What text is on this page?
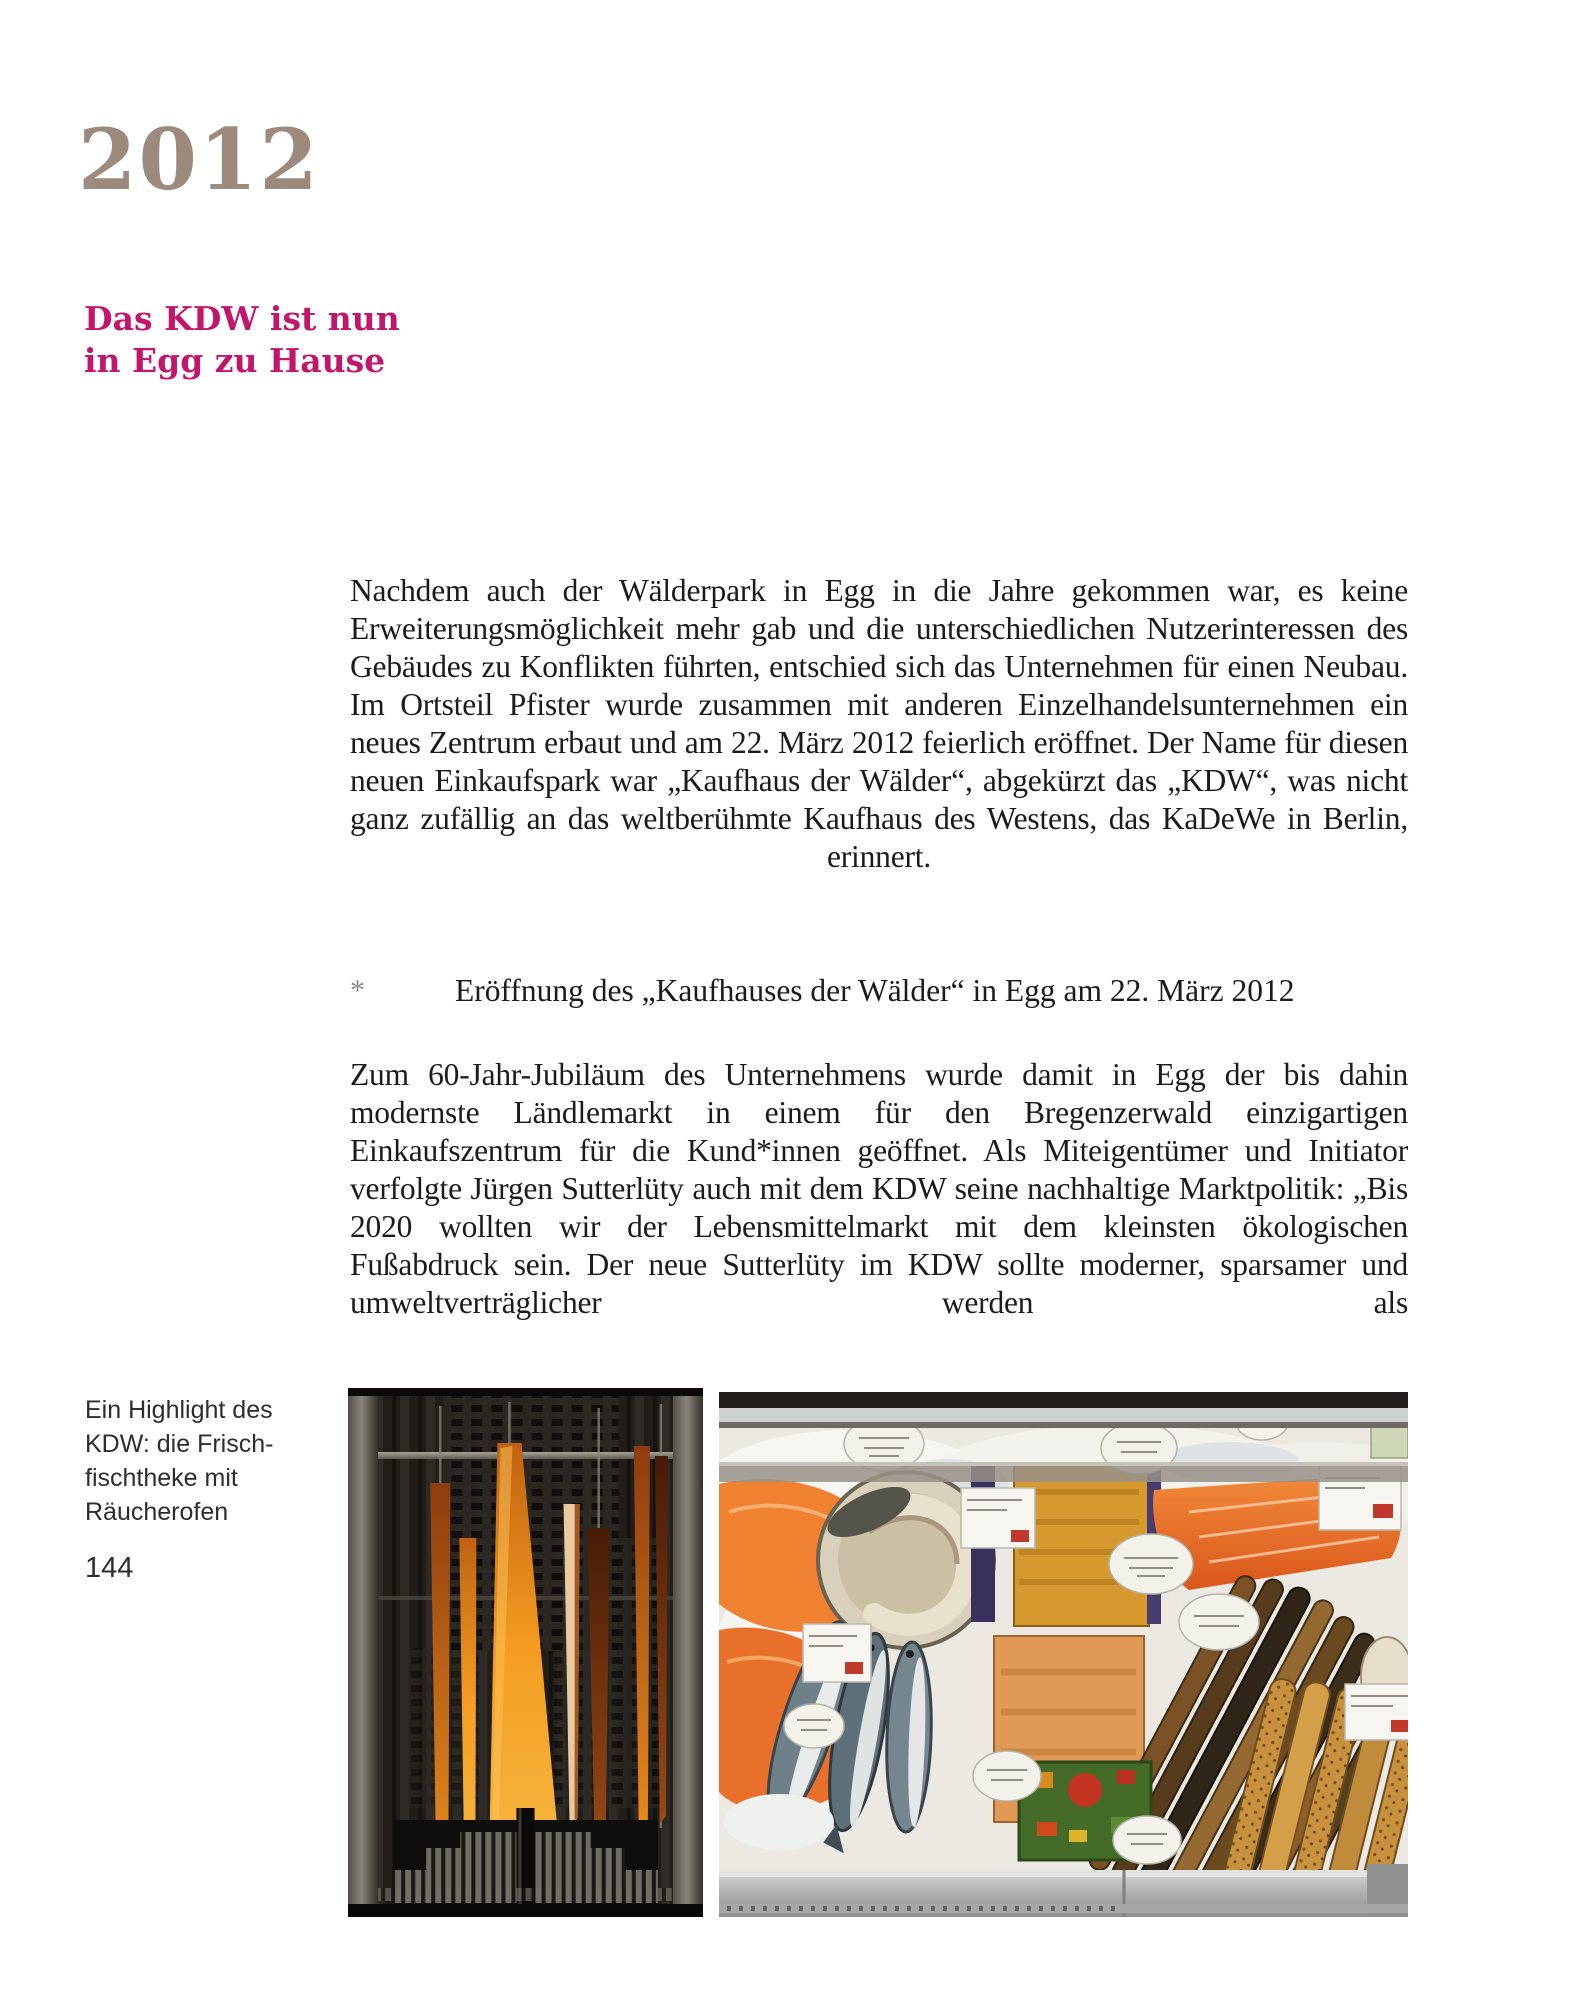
2012
Das KDW ist nun
in Egg zu Hause
Nachdem auch der Wälderpark in Egg in die Jahre gekommen war, es keine Erweiterungsmöglichkeit mehr gab und die unterschiedlichen Nutzerinteressen des Gebäudes zu Konflikten führten, entschied sich das Unternehmen für einen Neubau. Im Ortsteil Pfister wurde zusammen mit anderen Einzelhandelsunternehmen ein neues Zentrum erbaut und am 22. März 2012 feierlich eröffnet. Der Name für diesen neuen Einkaufspark war „Kaufhaus der Wälder“, abgekürzt das „KDW“, was nicht ganz zufällig an das weltberühmte Kaufhaus des Westens, das KaDeWe in Berlin, erinnert.
*	Eröffnung des „Kaufhauses der Wälder“ in Egg am 22. März 2012
Zum 60-Jahr-Jubiläum des Unternehmens wurde damit in Egg der bis dahin modernste Ländlemarkt in einem für den Bregenzerwald einzigartigen Einkaufszentrum für die Kund*innen geöffnet. Als Miteigentümer und Initiator verfolgte Jürgen Sutterlüty auch mit dem KDW seine nachhaltige Marktpolitik: „Bis 2020 wollten wir der Lebensmittelmarkt mit dem kleinsten ökologischen Fußabdruck sein. Der neue Sutterlüty im KDW sollte moderner, sparsamer und umweltverträglicher werden als
Ein Highlight des
KDW: die Frisch-
fischtheke mit
Räucherofen
144
